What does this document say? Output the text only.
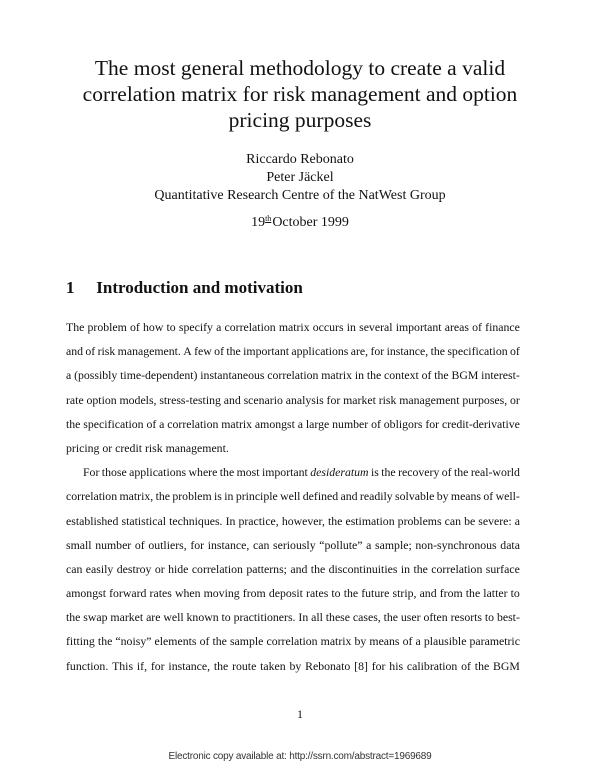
The most general methodology to create a valid
correlation matrix for risk management and option
pricing purposes
Riccardo Rebonato
Peter Jäckel
Quantitative Research Centre of the NatWest Group
19thOctober 1999
1 Introduction and motivation
The problem of how to specify a correlation matrix occurs in several important areas of finance
and of risk management. A few of the important applications are, for instance, the specification of
a (possibly time-dependent) instantaneous correlation matrix in the context of the BGM interest-
rate option models, stress-testing and scenario analysis for market risk management purposes, or
the specification of a correlation matrix amongst a large number of obligors for credit-derivative
pricing or credit risk management.
For those applications where the most important desideratum is the recovery of the real-world
correlation matrix, the problem is in principle well defined and readily solvable by means of well-
established statistical techniques. In practice, however, the estimation problems can be severe: a
small number of outliers, for instance, can seriously “pollute” a sample; non-synchronous data
can easily destroy or hide correlation patterns; and the discontinuities in the correlation surface
amongst forward rates when moving from deposit rates to the future strip, and from the latter to
the swap market are well known to practitioners. In all these cases, the user often resorts to best-
fitting the “noisy” elements of the sample correlation matrix by means of a plausible parametric
function. This if, for instance, the route taken by Rebonato [8] for his calibration of the BGM
1
Electronic copy available at: http://ssrn.com/abstract=1969689
